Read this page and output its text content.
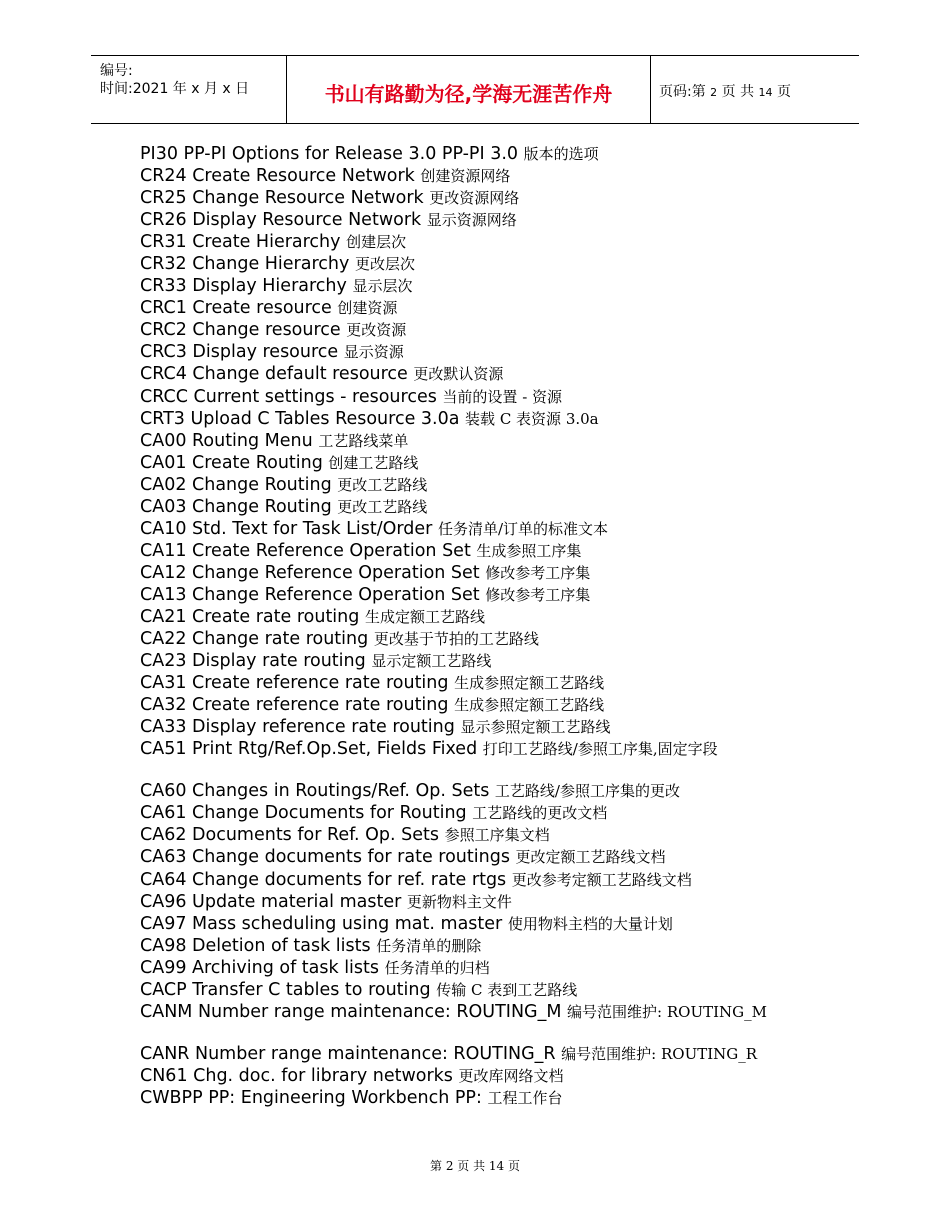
编号:
时间:2021 年 x 月 x 日	书山有路勤为径,学海无涯苦作舟	页码:第 2 页 共 14 页
PI30 PP-PI Options for Release 3.0 PP-PI 3.0 版本的选项
CR24 Create Resource Network 创建资源网络
CR25 Change Resource Network 更改资源网络
CR26 Display Resource Network 显示资源网络
CR31 Create Hierarchy 创建层次
CR32 Change Hierarchy 更改层次
CR33 Display Hierarchy 显示层次
CRC1 Create resource 创建资源
CRC2 Change resource 更改资源
CRC3 Display resource 显示资源
CRC4 Change default resource 更改默认资源
CRCC Current settings - resources 当前的设置 - 资源
CRT3 Upload C Tables Resource 3.0a 装载 C 表资源 3.0a
CA00 Routing Menu 工艺路线菜单
CA01 Create Routing 创建工艺路线
CA02 Change Routing 更改工艺路线
CA03 Change Routing 更改工艺路线
CA10 Std. Text for Task List/Order 任务清单/订单的标准文本
CA11 Create Reference Operation Set 生成参照工序集
CA12 Change Reference Operation Set 修改参考工序集
CA13 Change Reference Operation Set 修改参考工序集
CA21 Create rate routing 生成定额工艺路线
CA22 Change rate routing 更改基于节拍的工艺路线
CA23 Display rate routing 显示定额工艺路线
CA31 Create reference rate routing 生成参照定额工艺路线
CA32 Create reference rate routing 生成参照定额工艺路线
CA33 Display reference rate routing 显示参照定额工艺路线
CA51 Print Rtg/Ref.Op.Set, Fields Fixed 打印工艺路线/参照工序集,固定字段
CA60 Changes in Routings/Ref. Op. Sets 工艺路线/参照工序集的更改
CA61 Change Documents for Routing 工艺路线的更改文档
CA62 Documents for Ref. Op. Sets 参照工序集文档
CA63 Change documents for rate routings 更改定额工艺路线文档
CA64 Change documents for ref. rate rtgs 更改参考定额工艺路线文档
CA96 Update material master 更新物料主文件
CA97 Mass scheduling using mat. master 使用物料主档的大量计划
CA98 Deletion of task lists 任务清单的删除
CA99 Archiving of task lists 任务清单的归档
CACP Transfer C tables to routing 传输 C 表到工艺路线
CANM Number range maintenance: ROUTING_M 编号范围维护: ROUTING_M
CANR Number range maintenance: ROUTING_R 编号范围维护: ROUTING_R
CN61 Chg. doc. for library networks 更改库网络文档
CWBPP PP: Engineering Workbench PP: 工程工作台
第 2 页 共 14 页
